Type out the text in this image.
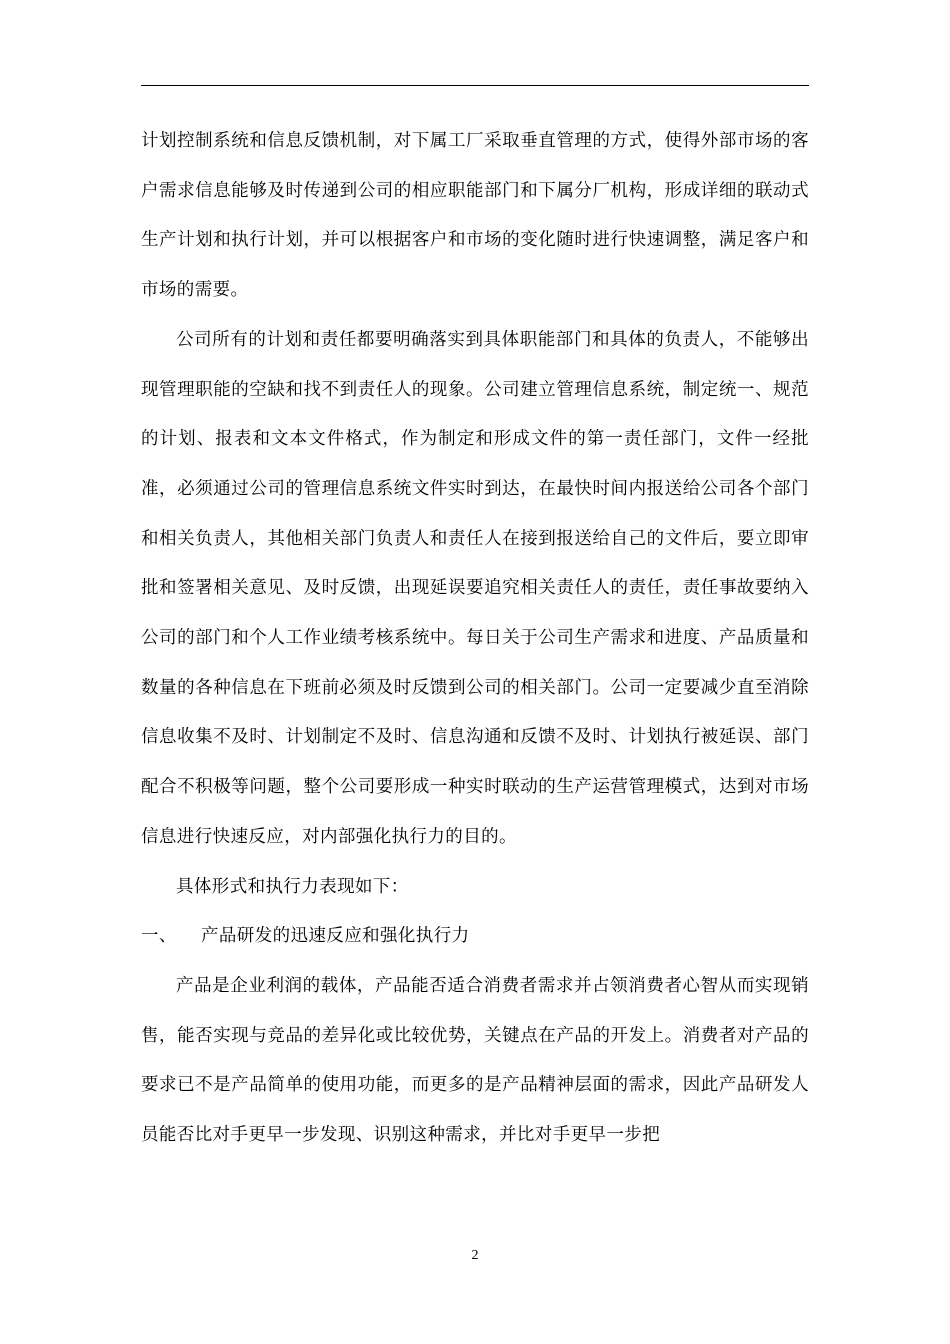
计划控制系统和信息反馈机制，对下属工厂采取垂直管理的方式，使得外部市场的客户需求信息能够及时传递到公司的相应职能部门和下属分厂机构，形成详细的联动式生产计划和执行计划，并可以根据客户和市场的变化随时进行快速调整，满足客户和市场的需要。

公司所有的计划和责任都要明确落实到具体职能部门和具体的负责人，不能够出现管理职能的空缺和找不到责任人的现象。公司建立管理信息系统，制定统一、规范的计划、报表和文本文件格式，作为制定和形成文件的第一责任部门，文件一经批准，必须通过公司的管理信息系统文件实时到达，在最快时间内报送给公司各个部门和相关负责人，其他相关部门负责人和责任人在接到报送给自己的文件后，要立即审批和签署相关意见、及时反馈，出现延误要追究相关责任人的责任，责任事故要纳入公司的部门和个人工作业绩考核系统中。每日关于公司生产需求和进度、产品质量和数量的各种信息在下班前必须及时反馈到公司的相关部门。公司一定要减少直至消除信息收集不及时、计划制定不及时、信息沟通和反馈不及时、计划执行被延误、部门配合不积极等问题，整个公司要形成一种实时联动的生产运营管理模式，达到对市场信息进行快速反应，对内部强化执行力的目的。

具体形式和执行力表现如下：

一、	产品研发的迅速反应和强化执行力

产品是企业利润的载体，产品能否适合消费者需求并占领消费者心智从而实现销售，能否实现与竞品的差异化或比较优势，关键点在产品的开发上。消费者对产品的要求已不是产品简单的使用功能，而更多的是产品精神层面的需求，因此产品研发人员能否比对手更早一步发现、识别这种需求，并比对手更早一步把

2
